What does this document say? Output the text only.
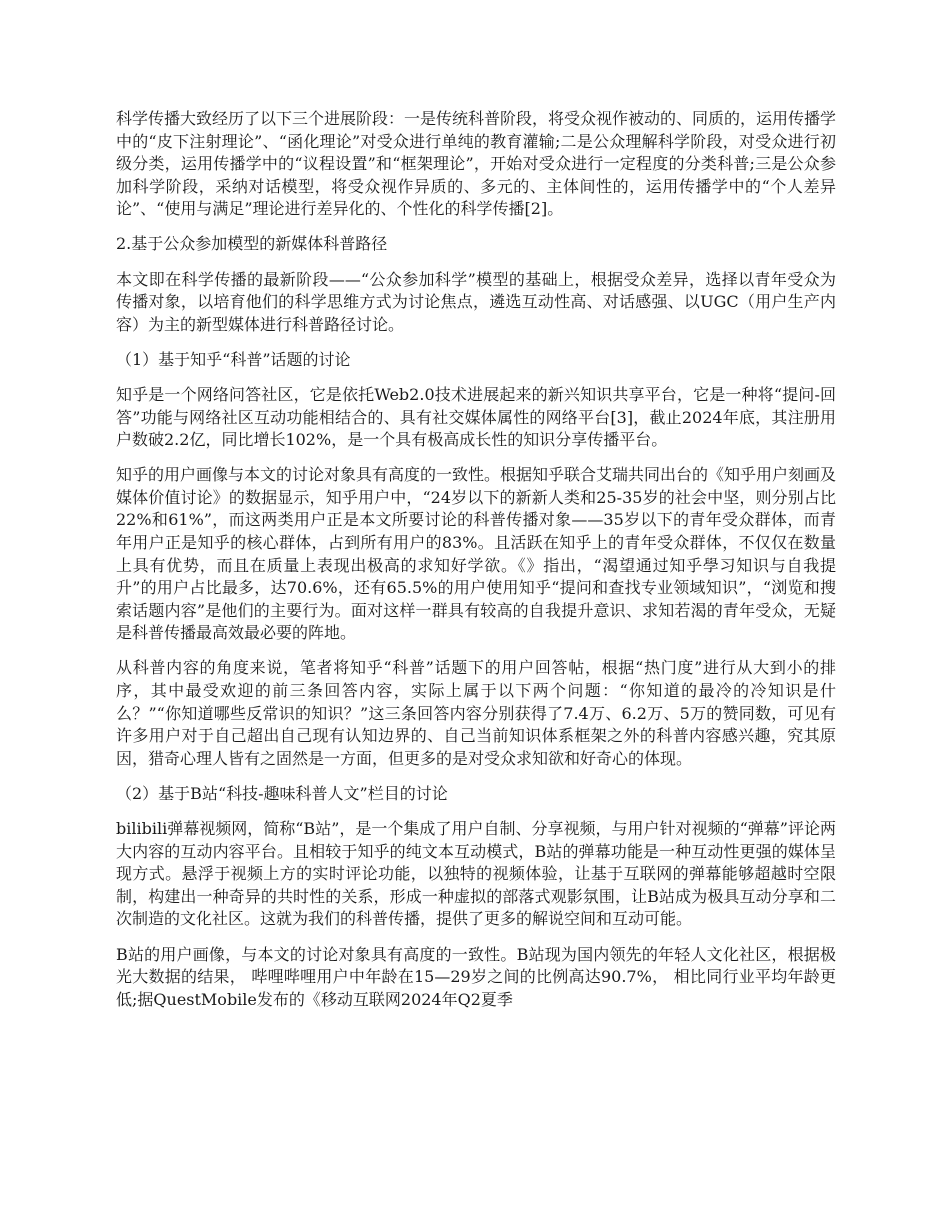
科学传播大致经历了以下三个进展阶段：一是传统科普阶段，将受众视作被动的、同质的，运用传播学中的“皮下注射理论”、“函化理论”对受众进行单纯的教育灌输;二是公众理解科学阶段，对受众进行初级分类，运用传播学中的“议程设置”和“框架理论”，开始对受众进行一定程度的分类科普;三是公众参加科学阶段，采纳对话模型，将受众视作异质的、多元的、主体间性的，运用传播学中的“个人差异论”、“使用与满足”理论进行差异化的、个性化的科学传播[2]。

2.基于公众参加模型的新媒体科普路径

本文即在科学传播的最新阶段——“公众参加科学”模型的基础上，根据受众差异，选择以青年受众为传播对象，以培育他们的科学思维方式为讨论焦点，遴选互动性高、对话感强、以UGC（用户生产内容）为主的新型媒体进行科普路径讨论。

（1）基于知乎“科普”话题的讨论

知乎是一个网络问答社区，它是依托Web2.0技术进展起来的新兴知识共享平台，它是一种将“提问-回答”功能与网络社区互动功能相结合的、具有社交媒体属性的网络平台[3]，截止2024年底，其注册用户数破2.2亿，同比增长102%，是一个具有极高成长性的知识分享传播平台。

知乎的用户画像与本文的讨论对象具有高度的一致性。根据知乎联合艾瑞共同出台的《知乎用户刻画及媒体价值讨论》的数据显示，知乎用户中，“24岁以下的新新人类和25-35岁的社会中坚，则分别占比22%和61%”，而这两类用户正是本文所要讨论的科普传播对象——35岁以下的青年受众群体，而青年用户正是知乎的核心群体，占到所有用户的83%。且活跃在知乎上的青年受众群体，不仅仅在数量上具有优势，而且在质量上表现出极高的求知好学欲。《》指出，“渴望通过知乎學习知识与自我提升”的用户占比最多，达70.6%，还有65.5%的用户使用知乎“提问和查找专业领域知识”，“浏览和搜索话题内容”是他们的主要行为。面对这样一群具有较高的自我提升意识、求知若渴的青年受众，无疑是科普传播最高效最必要的阵地。

从科普内容的角度来说，笔者将知乎“科普”话题下的用户回答帖，根据“热门度”进行从大到小的排序，其中最受欢迎的前三条回答内容，实际上属于以下两个问题：“你知道的最冷的冷知识是什么？”“你知道哪些反常识的知识？”这三条回答内容分别获得了7.4万、6.2万、5万的赞同数，可见有许多用户对于自己超出自己现有认知边界的、自己当前知识体系框架之外的科普内容感兴趣，究其原因，猎奇心理人皆有之固然是一方面，但更多的是对受众求知欲和好奇心的体现。

（2）基于B站“科技-趣味科普人文”栏目的讨论

bilibili弹幕视频网，简称“B站”，是一个集成了用户自制、分享视频，与用户针对视频的“弹幕”评论两大内容的互动内容平台。且相较于知乎的纯文本互动模式，B站的弹幕功能是一种互动性更强的媒体呈现方式。悬浮于视频上方的实时评论功能，以独特的视频体验，让基于互联网的弹幕能够超越时空限制，构建出一种奇异的共时性的关系，形成一种虚拟的部落式观影氛围，让B站成为极具互动分享和二次制造的文化社区。这就为我们的科普传播，提供了更多的解说空间和互动可能。

B站的用户画像，与本文的讨论对象具有高度的一致性。B站现为国内领先的年轻人文化社区，根据极光大数据的结果， 哔哩哔哩用户中年龄在15—29岁之间的比例高达90.7%， 相比同行业平均年龄更低;据QuestMobile发布的《移动互联网2024年Q2夏季
